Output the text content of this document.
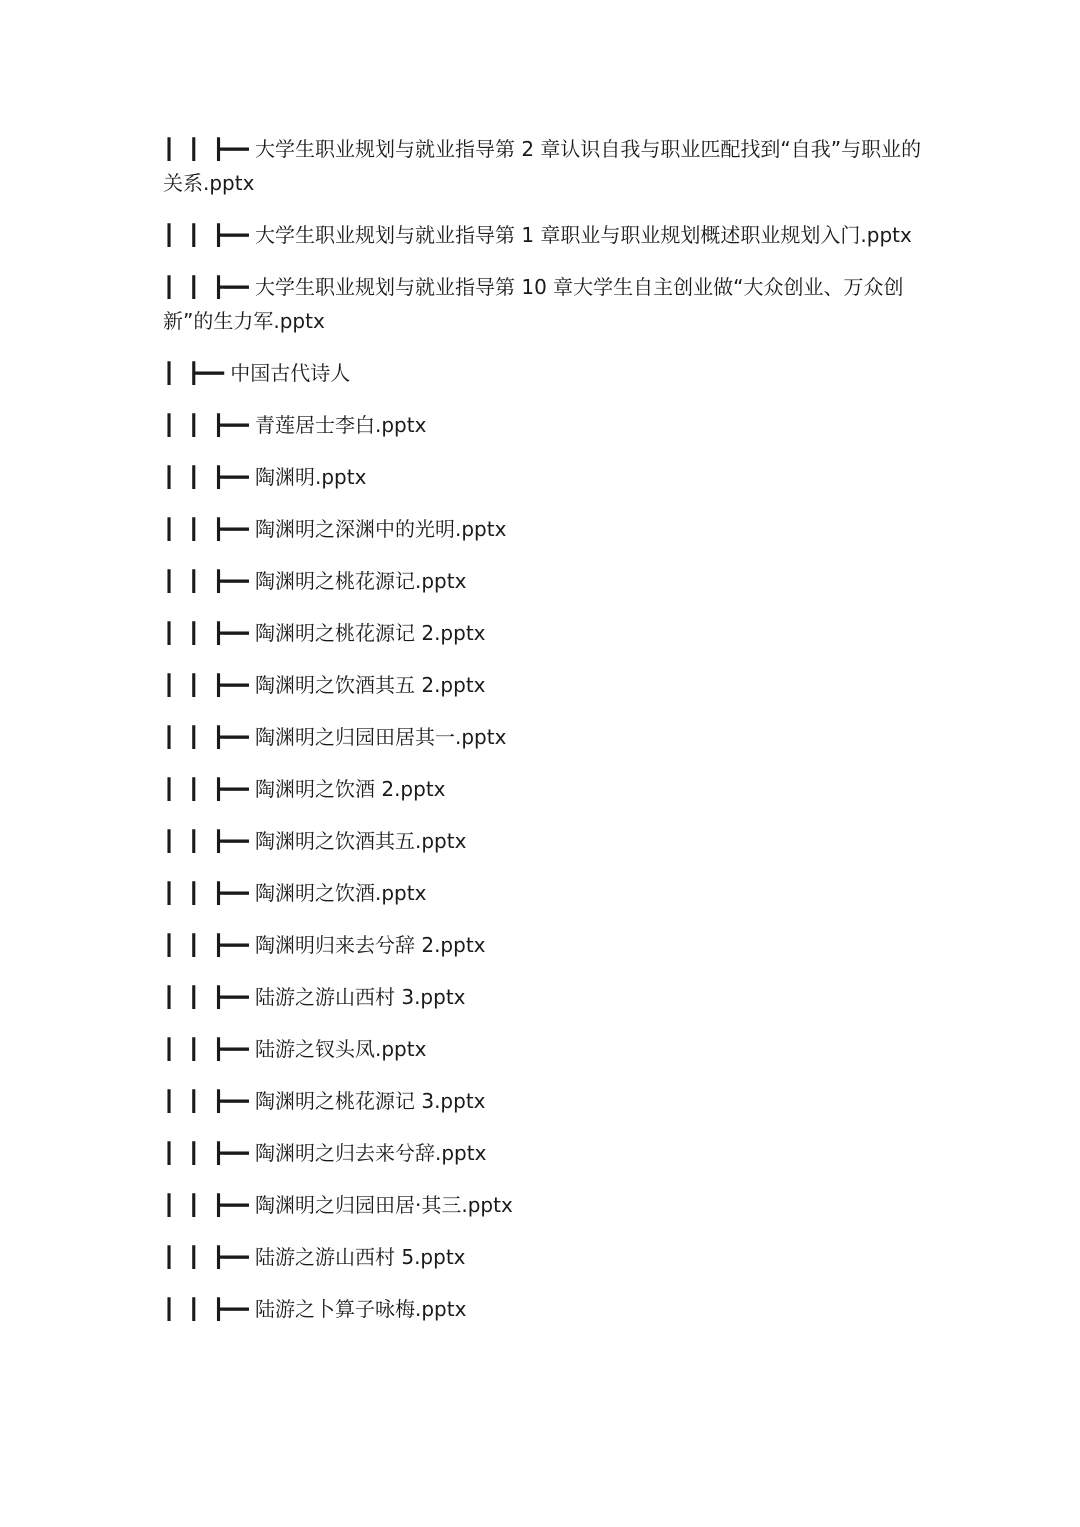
┃  ┃  ┣━━ 大学生职业规划与就业指导第 2 章认识自我与职业匹配找到“自我”与职业的关系.pptx

┃  ┃  ┣━━ 大学生职业规划与就业指导第 1 章职业与职业规划概述职业规划入门.pptx

┃  ┃  ┣━━ 大学生职业规划与就业指导第 10 章大学生自主创业做“大众创业、万众创新”的生力军.pptx

┃  ┣━━ 中国古代诗人

┃  ┃  ┣━━ 青莲居士李白.pptx

┃  ┃  ┣━━ 陶渊明.pptx

┃  ┃  ┣━━ 陶渊明之深渊中的光明.pptx

┃  ┃  ┣━━ 陶渊明之桃花源记.pptx

┃  ┃  ┣━━ 陶渊明之桃花源记 2.pptx

┃  ┃  ┣━━ 陶渊明之饮酒其五 2.pptx

┃  ┃  ┣━━ 陶渊明之归园田居其一.pptx

┃  ┃  ┣━━ 陶渊明之饮酒 2.pptx

┃  ┃  ┣━━ 陶渊明之饮酒其五.pptx

┃  ┃  ┣━━ 陶渊明之饮酒.pptx

┃  ┃  ┣━━ 陶渊明归来去兮辞 2.pptx

┃  ┃  ┣━━ 陆游之游山西村 3.pptx

┃  ┃  ┣━━ 陆游之钗头凤.pptx

┃  ┃  ┣━━ 陶渊明之桃花源记 3.pptx

┃  ┃  ┣━━ 陶渊明之归去来兮辞.pptx

┃  ┃  ┣━━ 陶渊明之归园田居·其三.pptx

┃  ┃  ┣━━ 陆游之游山西村 5.pptx

┃  ┃  ┣━━ 陆游之卜算子咏梅.pptx
